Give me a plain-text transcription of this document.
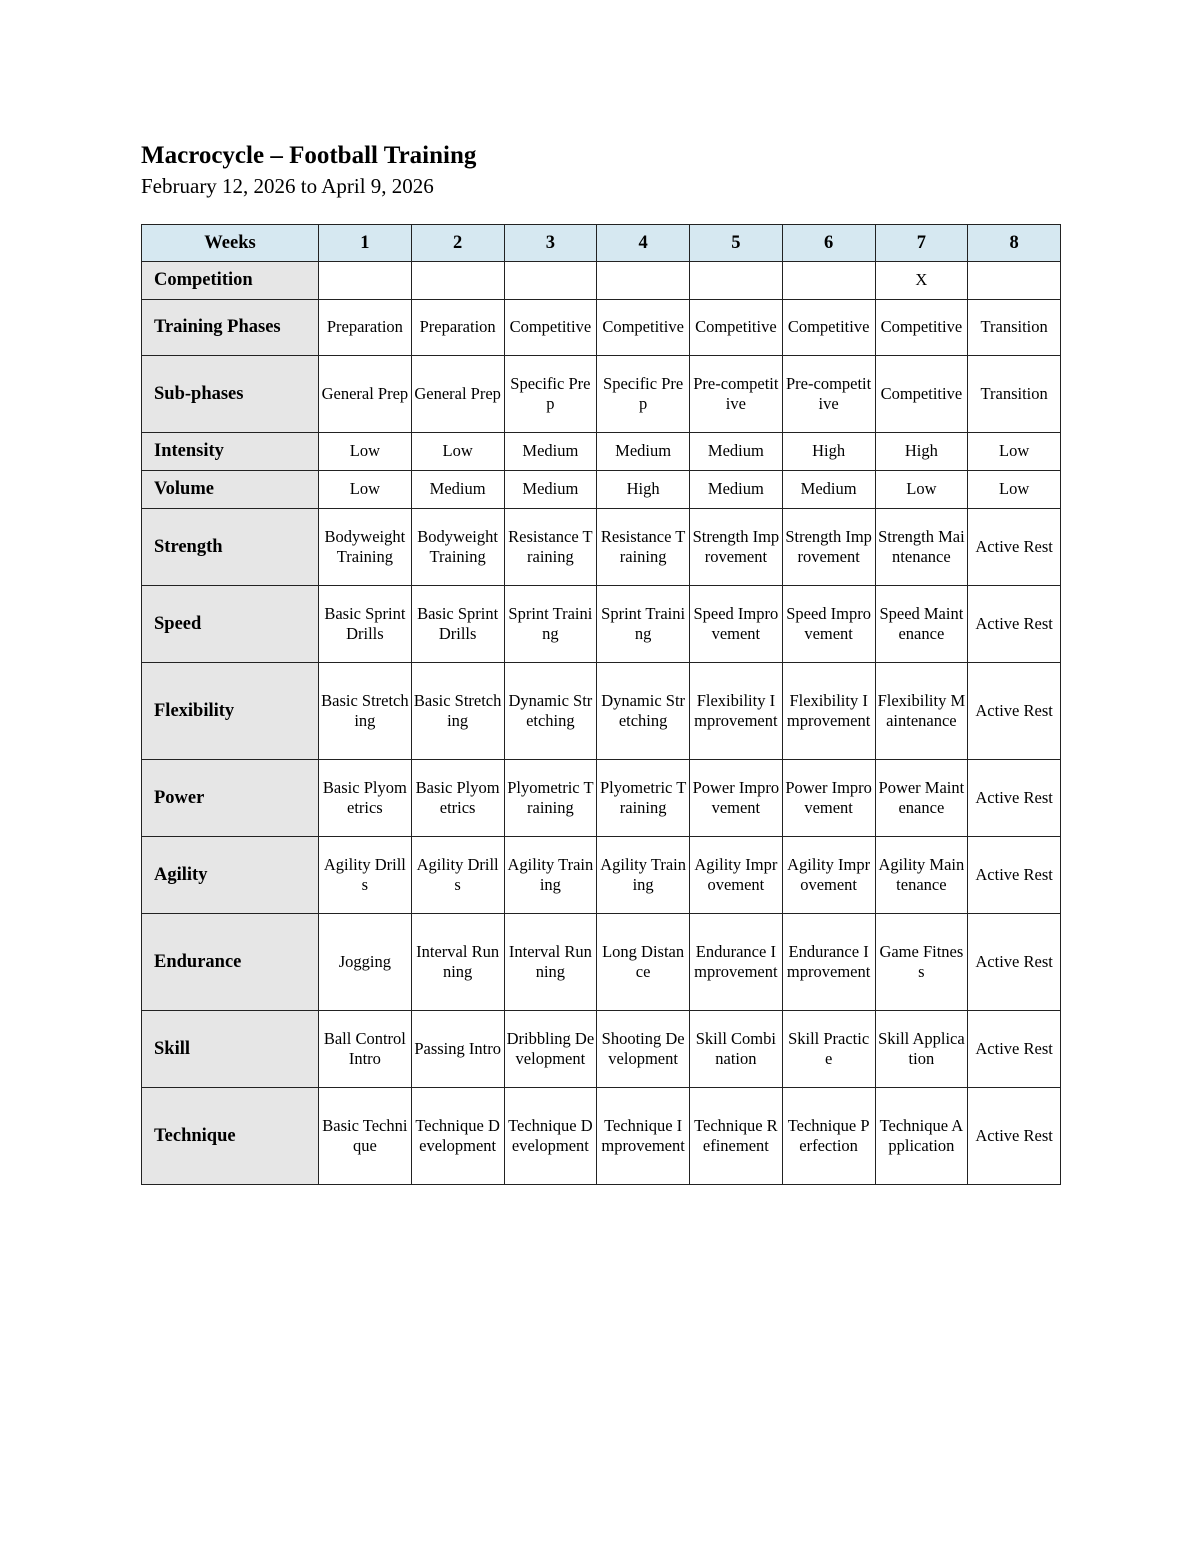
Macrocycle – Football Training

February 12, 2026 to April 9, 2026

Weeks	1	2	3	4	5	6	7	8
Competition							X	
Training Phases	Preparation	Preparation	Competitive	Competitive	Competitive	Competitive	Competitive	Transition
Sub-phases	General Prep	General Prep	Specific Prep	Specific Prep	Pre-competitive	Pre-competitive	Competitive	Transition
Intensity	Low	Low	Medium	Medium	Medium	High	High	Low
Volume	Low	Medium	Medium	High	Medium	Medium	Low	Low
Strength	Bodyweight Training	Bodyweight Training	Resistance Training	Resistance Training	Strength Improvement	Strength Improvement	Strength Maintenance	Active Rest
Speed	Basic Sprint Drills	Basic Sprint Drills	Sprint Training	Sprint Training	Speed Improvement	Speed Improvement	Speed Maintenance	Active Rest
Flexibility	Basic Stretching	Basic Stretching	Dynamic Stretching	Dynamic Stretching	Flexibility Improvement	Flexibility Improvement	Flexibility Maintenance	Active Rest
Power	Basic Plyometrics	Basic Plyometrics	Plyometric Training	Plyometric Training	Power Improvement	Power Improvement	Power Maintenance	Active Rest
Agility	Agility Drills	Agility Drills	Agility Training	Agility Training	Agility Improvement	Agility Improvement	Agility Maintenance	Active Rest
Endurance	Jogging	Interval Running	Interval Running	Long Distance	Endurance Improvement	Endurance Improvement	Game Fitness	Active Rest
Skill	Ball Control Intro	Passing Intro	Dribbling Development	Shooting Development	Skill Combination	Skill Practice	Skill Application	Active Rest
Technique	Basic Technique	Technique Development	Technique Development	Technique Improvement	Technique Refinement	Technique Perfection	Technique Application	Active Rest
